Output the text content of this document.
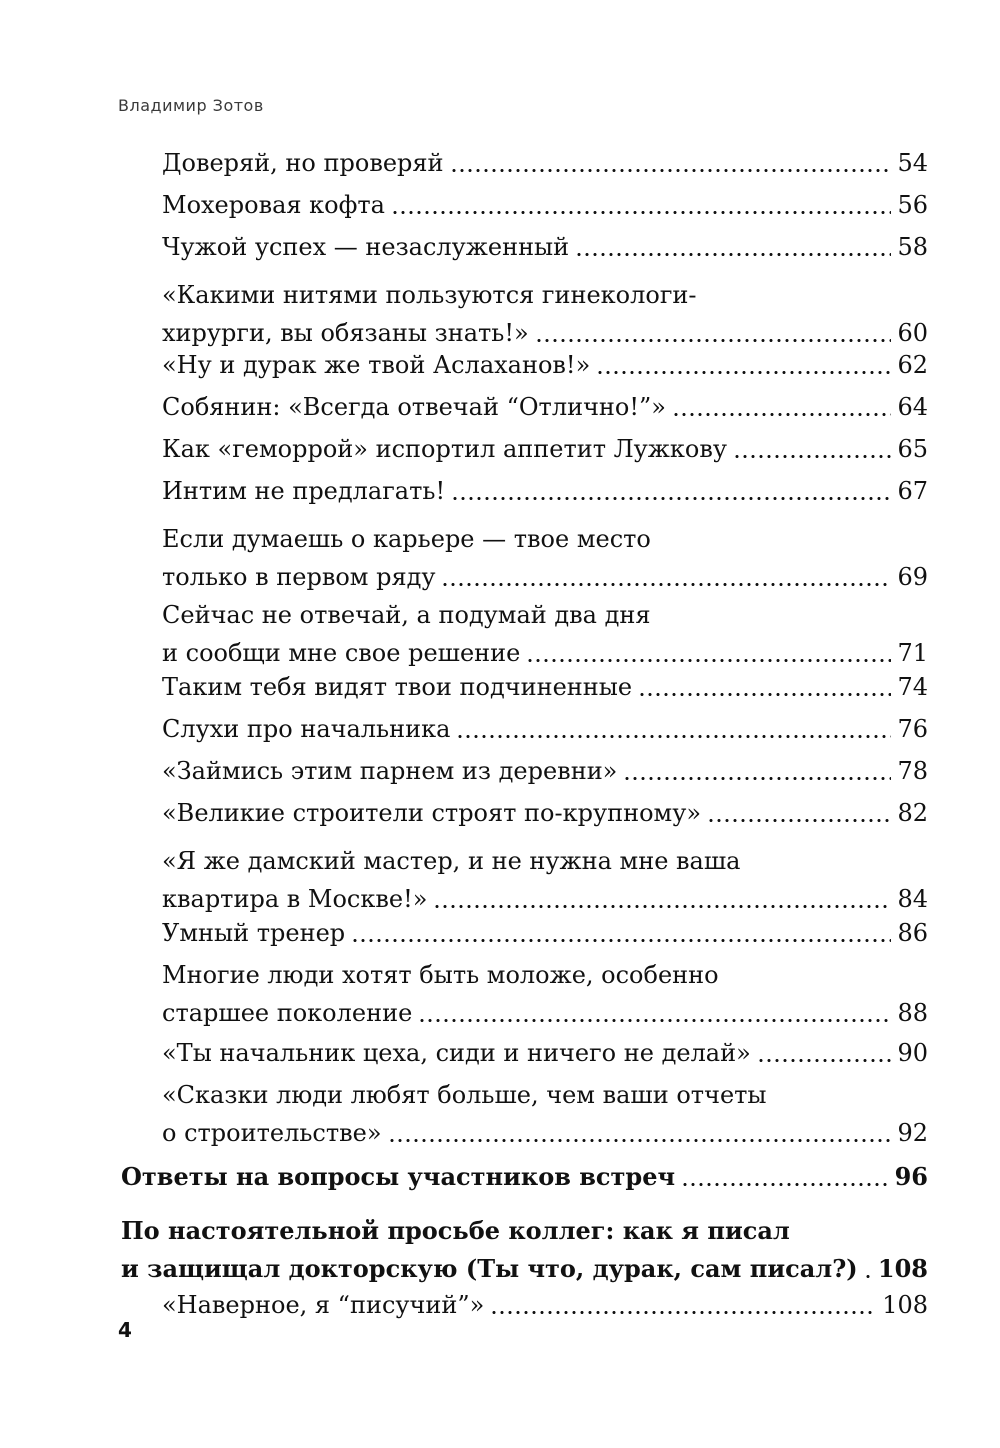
Владимир Зотов
Доверяй, но проверяй	54
Мохеровая кофта	56
Чужой успех — незаслуженный	58
«Какими нитями пользуются гинекологи-
хирурги, вы обязаны знать!»	60
«Ну и дурак же твой Аслаханов!»	62
Собянин: «Всегда отвечай “Отлично!”»	64
Как «геморрой» испортил аппетит Лужкову	65
Интим не предлагать!	67
Если думаешь о карьере — твое место
только в первом ряду	69
Сейчас не отвечай, а подумай два дня
и сообщи мне свое решение	71
Таким тебя видят твои подчиненные	74
Слухи про начальника	76
«Займись этим парнем из деревни»	78
«Великие строители строят по-крупному»	82
«Я же дамский мастер, и не нужна мне ваша
квартира в Москве!»	84
Умный тренер	86
Многие люди хотят быть моложе, особенно
старшее поколение	88
«Ты начальник цеха, сиди и ничего не делай»	90
«Сказки люди любят больше, чем ваши отчеты
о строительстве»	92
Ответы на вопросы участников встреч	96
По настоятельной просьбе коллег: как я писал
и защищал докторскую (Ты что, дурак, сам писал?) 108
«Наверное, я “писучий”»	108
4
